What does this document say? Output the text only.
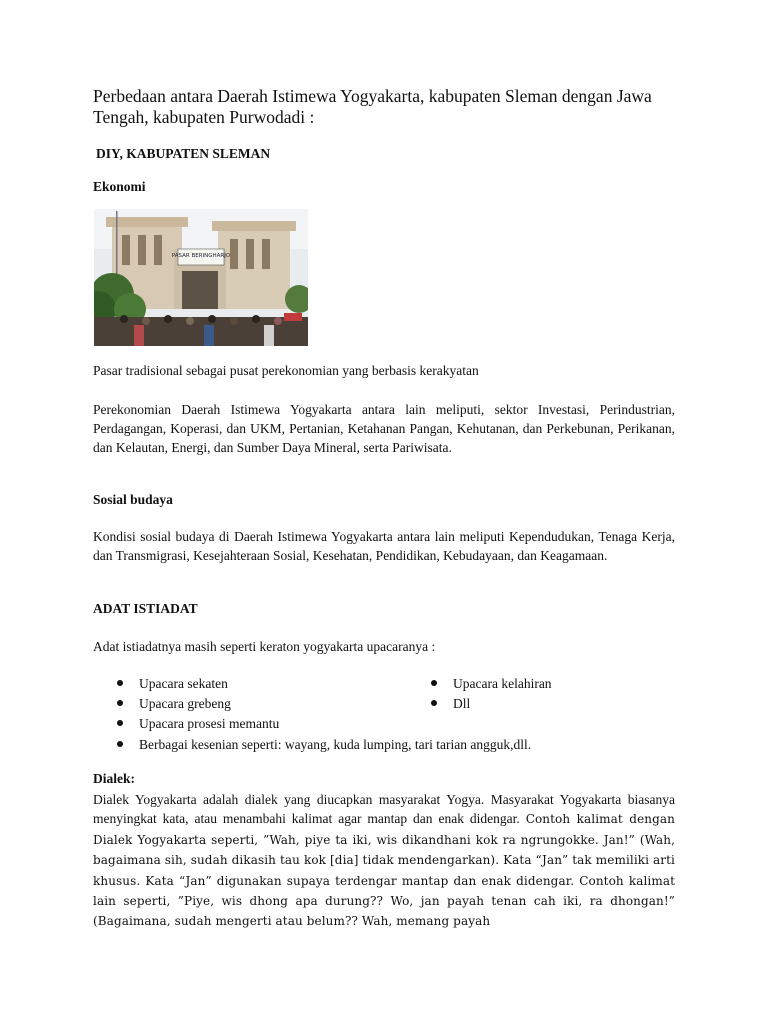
Perbedaan antara Daerah Istimewa Yogyakarta, kabupaten Sleman dengan Jawa Tengah, kabupaten Purwodadi :
DIY, KABUPATEN SLEMAN
Ekonomi
PASAR BERINGHARJO
Pasar tradisional sebagai pusat perekonomian yang berbasis kerakyatan
Perekonomian Daerah Istimewa Yogyakarta antara lain meliputi, sektor Investasi, Perindustrian, Perdagangan, Koperasi, dan UKM, Pertanian, Ketahanan Pangan, Kehutanan, dan Perkebunan, Perikanan, dan Kelautan, Energi, dan Sumber Daya Mineral, serta Pariwisata.
Sosial budaya
Kondisi sosial budaya di Daerah Istimewa Yogyakarta antara lain meliputi Kependudukan, Tenaga Kerja, dan Transmigrasi, Kesejahteraan Sosial, Kesehatan, Pendidikan, Kebudayaan, dan Keagamaan.
ADAT ISTIADAT
Adat istiadatnya masih seperti keraton yogyakarta upacaranya :
Upacara sekaten
Upacara grebeng
Upacara prosesi memantu
Berbagai kesenian seperti: wayang, kuda lumping, tari tarian angguk,dll.
Upacara kelahiran
Dll
Dialek:
Dialek Yogyakarta adalah dialek yang diucapkan masyarakat Yogya. Masyarakat Yogyakarta biasanya menyingkat kata, atau menambahi kalimat agar mantap dan enak didengar. Contoh kalimat dengan Dialek Yogyakarta seperti, ”Wah, piye ta iki, wis dikandhani kok ra ngrungokke. Jan!” (Wah, bagaimana sih, sudah dikasih tau kok [dia] tidak mendengarkan). Kata “Jan” tak memiliki arti khusus. Kata “Jan” digunakan supaya terdengar mantap dan enak didengar. Contoh kalimat lain seperti, ”Piye, wis dhong apa durung?? Wo, jan payah tenan cah iki, ra dhongan!” (Bagaimana, sudah mengerti atau belum?? Wah, memang payah
